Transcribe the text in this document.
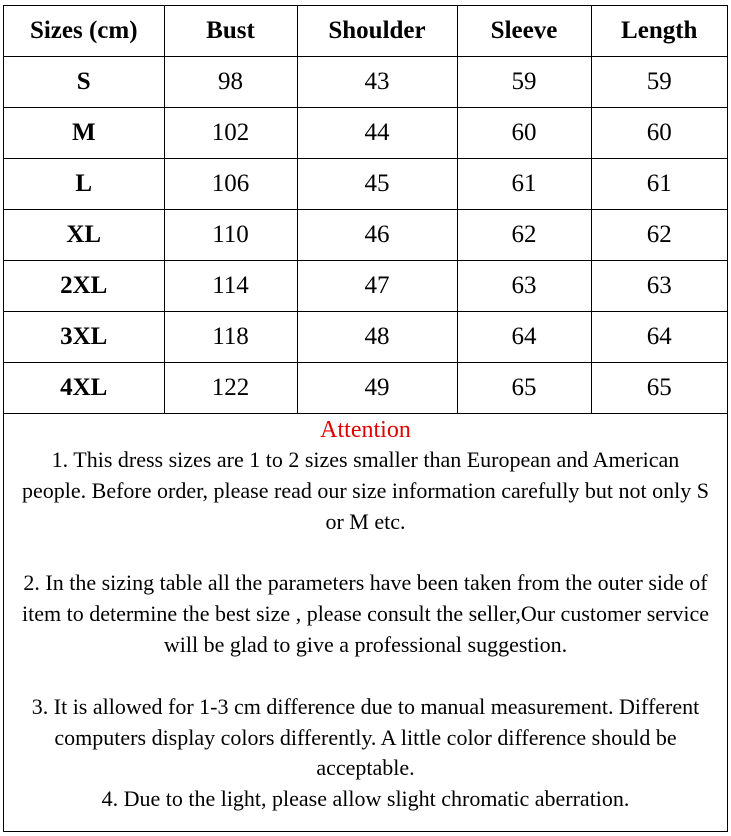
Sizes (cm)	Bust	Shoulder	Sleeve	Length
S	98	43	59	59
M	102	44	60	60
L	106	45	61	61
XL	110	46	62	62
2XL	114	47	63	63
3XL	118	48	64	64
4XL	122	49	65	65

Attention

1. This dress sizes are 1 to 2 sizes smaller than European and American people. Before order, please read our size information carefully but not only S or M etc.

2. In the sizing table all the parameters have been taken from the outer side of item to determine the best size , please consult the seller,Our customer service will be glad to give a professional suggestion.

3. It is allowed for 1-3 cm difference due to manual measurement. Different computers display colors differently. A little color difference should be acceptable.

4. Due to the light, please allow slight chromatic aberration.
